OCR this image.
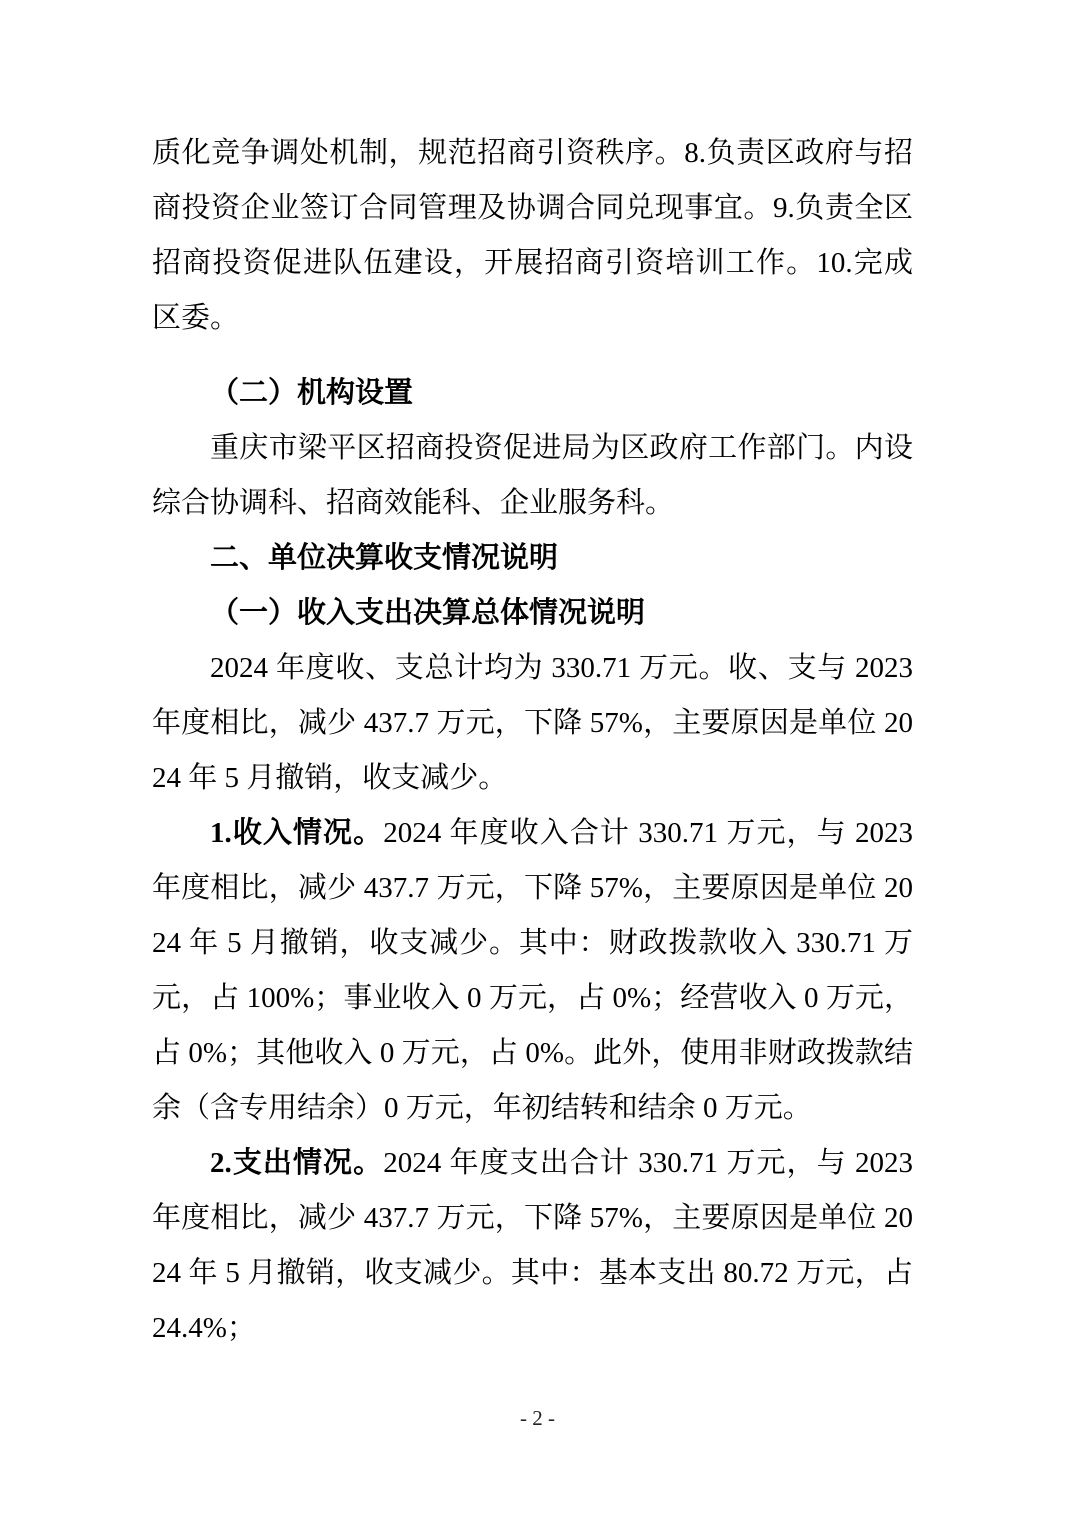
质化竞争调处机制，规范招商引资秩序。8.负责区政府与招商投资企业签订合同管理及协调合同兑现事宜。9.负责全区招商投资促进队伍建设，开展招商引资培训工作。10.完成区委。

（二）机构设置

重庆市梁平区招商投资促进局为区政府工作部门。内设综合协调科、招商效能科、企业服务科。

二、单位决算收支情况说明

（一）收入支出决算总体情况说明

2024 年度收、支总计均为 330.71 万元。收、支与 2023 年度相比，减少 437.7 万元，下降 57%，主要原因是单位 2024 年 5 月撤销，收支减少。

1.收入情况。2024 年度收入合计 330.71 万元，与 2023 年度相比，减少 437.7 万元，下降 57%，主要原因是单位 2024 年 5 月撤销，收支减少。其中：财政拨款收入 330.71 万元，占 100%；事业收入 0 万元，占 0%；经营收入 0 万元，占 0%；其他收入 0 万元，占 0%。此外，使用非财政拨款结余（含专用结余）0 万元，年初结转和结余 0 万元。

2.支出情况。2024 年度支出合计 330.71 万元，与 2023 年度相比，减少 437.7 万元，下降 57%，主要原因是单位 2024 年 5 月撤销，收支减少。其中：基本支出 80.72 万元，占 24.4%；

- 2 -
